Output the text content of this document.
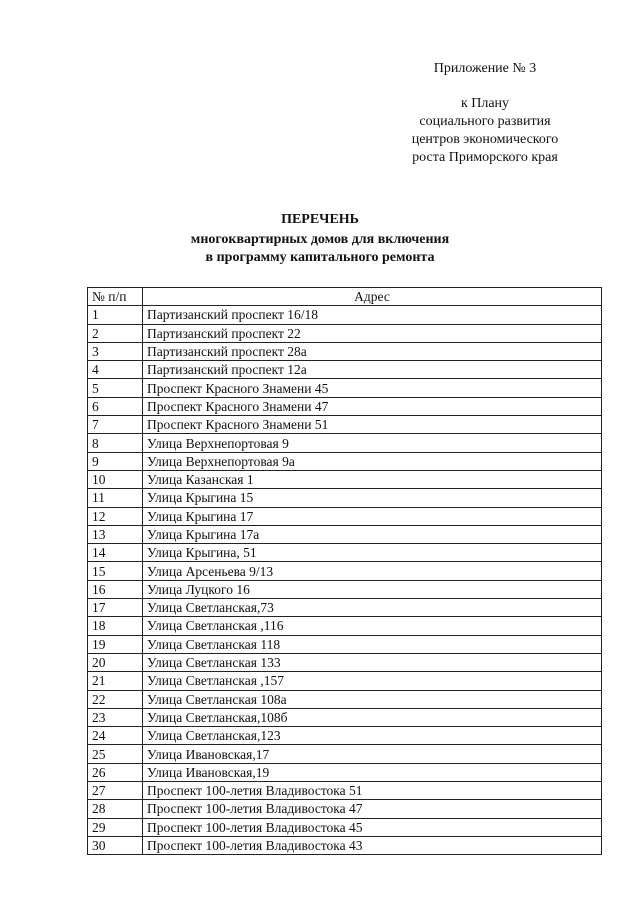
Приложение № 3
к Плану
социального развития
центров экономического
роста Приморского края
ПЕРЕЧЕНЬ
многоквартирных домов для включения
в программу капитального ремонта
№ п/п	Адрес
1	Партизанский проспект 16/18
2	Партизанский проспект 22
3	Партизанский проспект 28а
4	Партизанский проспект 12а
5	Проспект Красного Знамени 45
6	Проспект Красного Знамени 47
7	Проспект Красного Знамени 51
8	Улица Верхнепортовая 9
9	Улица Верхнепортовая 9а
10	Улица Казанская 1
11	Улица Крыгина 15
12	Улица Крыгина 17
13	Улица Крыгина 17а
14	Улица Крыгина, 51
15	Улица Арсеньева 9/13
16	Улица Луцкого 16
17	Улица Светланская,73
18	Улица Светланская ,116
19	Улица Светланская 118
20	Улица Светланская 133
21	Улица Светланская ,157
22	Улица Светланская 108а
23	Улица Светланская,108б
24	Улица Светланская,123
25	Улица Ивановская,17
26	Улица Ивановская,19
27	Проспект 100-летия Владивостока 51
28	Проспект 100-летия Владивостока 47
29	Проспект 100-летия Владивостока 45
30	Проспект 100-летия Владивостока 43
